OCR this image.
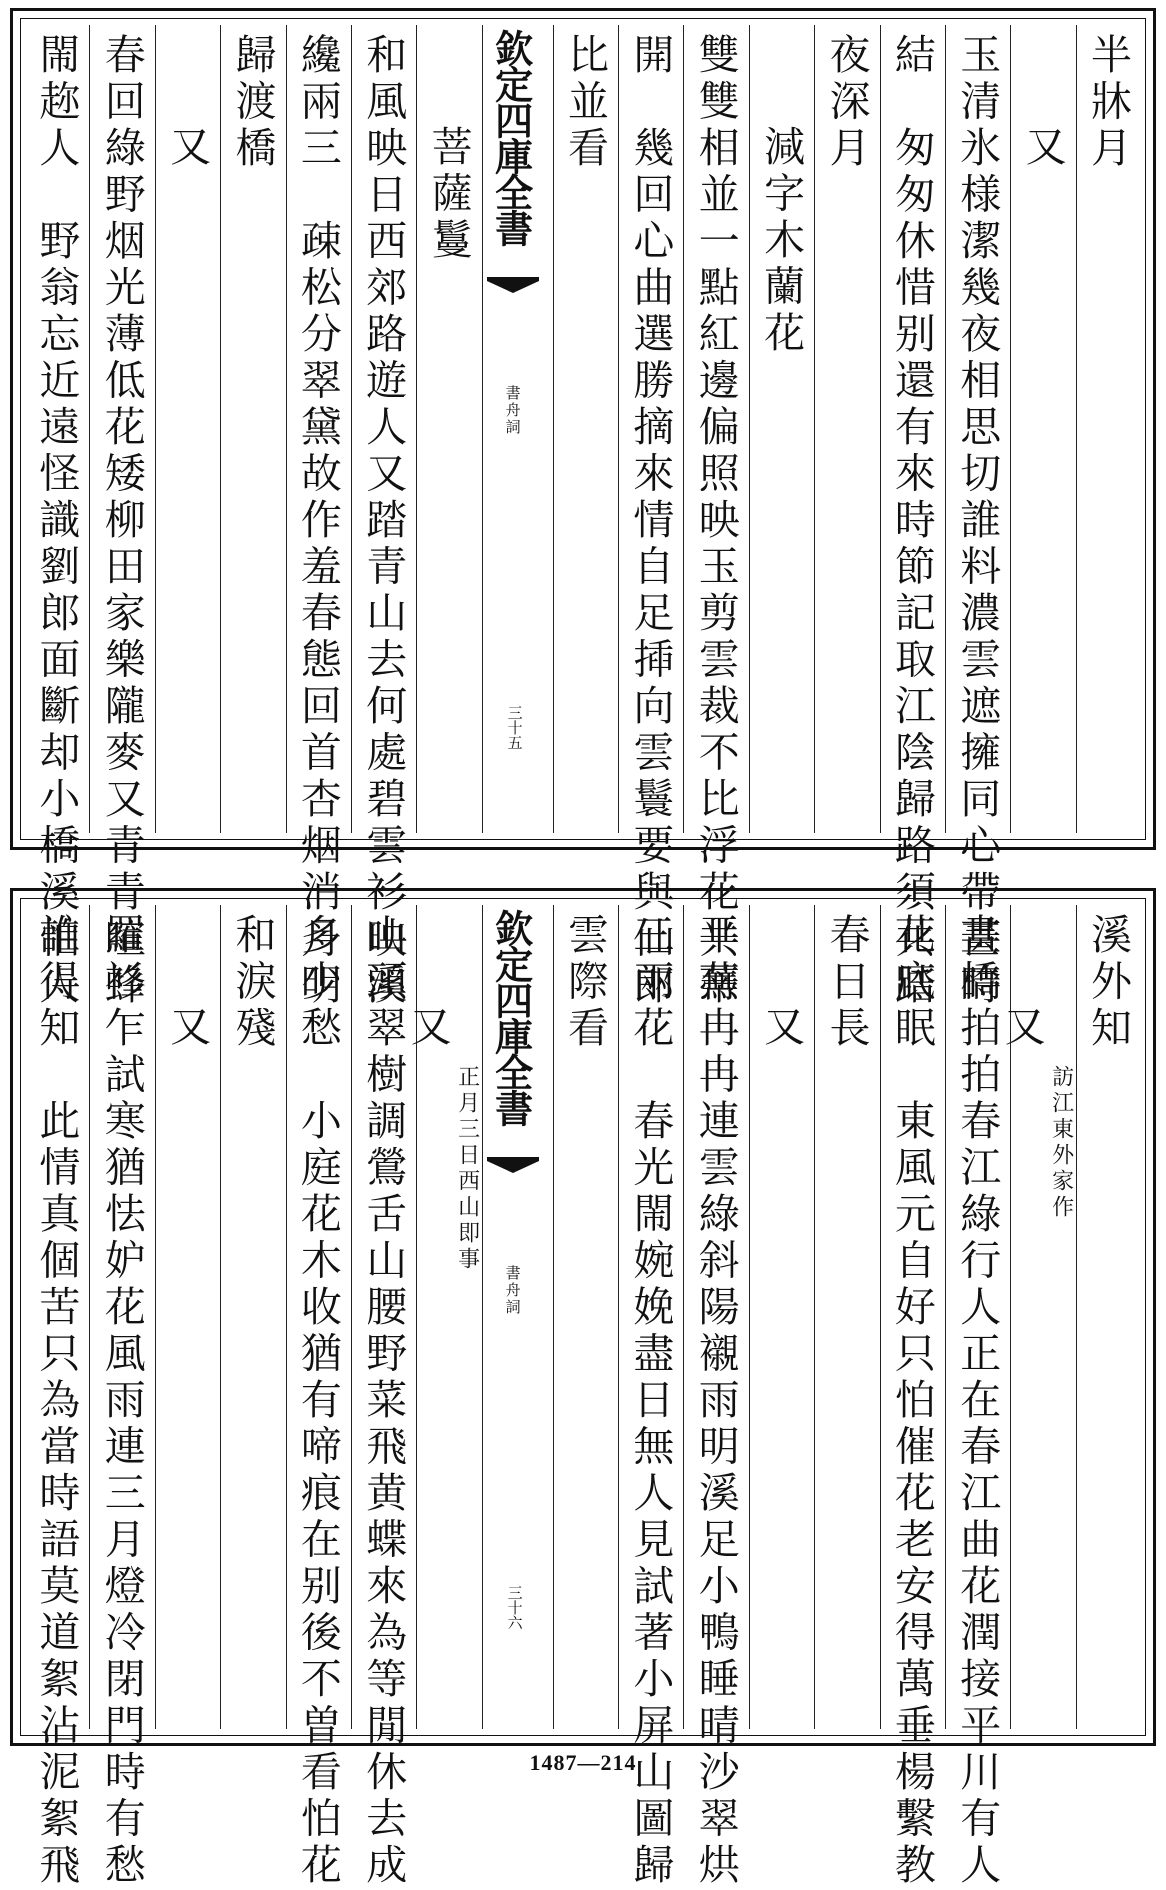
半牀月
又
玉清氷様潔幾夜相思切誰料濃雲遮擁同心帶甚時
結　匆匆休惜别還有來時節記取江陰歸路須共踏
夜深月
減字木蘭花
雙雙相並一點紅邊偏照映玉剪雲裁不比浮花共蒂
開　幾回心曲選勝摘來情自足揷向雲鬟要與仙郎
比並看
欽定四庫全書
書舟詞
三十五
菩薩鬘
和風映日西郊路遊人又踏青山去何處碧雲衫映溪
纔兩三　疎松分翠黛故作羞春態回首杏烟消月明
歸渡橋
又
春回綠野烟光薄低花矮柳田家樂隴麥又青青喧蜂
閙趂人　野翁忘近遠怪識劉郎面斷却小橋溪怕人	溪外知
又
訪江東外家作
畫橋拍拍春江綠行人正在春江曲花潤接平川有人
花底眠　東風元自好只怕催花老安得萬垂楊繫教
春日長
又
平蕪冉冉連雲綠斜陽襯雨明溪足小鴨睡晴沙翠烘
三兩花　春光閙婉娩盡日無人見試著小屏山圖歸
雲際看
欽定四庫全書
書舟詞
三十六
又
正月三日西山即事
山頭翠樹調鶯舌山腰野菜飛黄蝶來為等閒休去成
多少愁　小庭花木收猶有啼痕在别後不曽看怕花
和淚殘
又
羅衫乍試寒猶怯妒花風雨連三月燈冷閉門時有愁
誰得知　此情真個苦只為當時語莫道絮沾泥絮飛	1487—214
